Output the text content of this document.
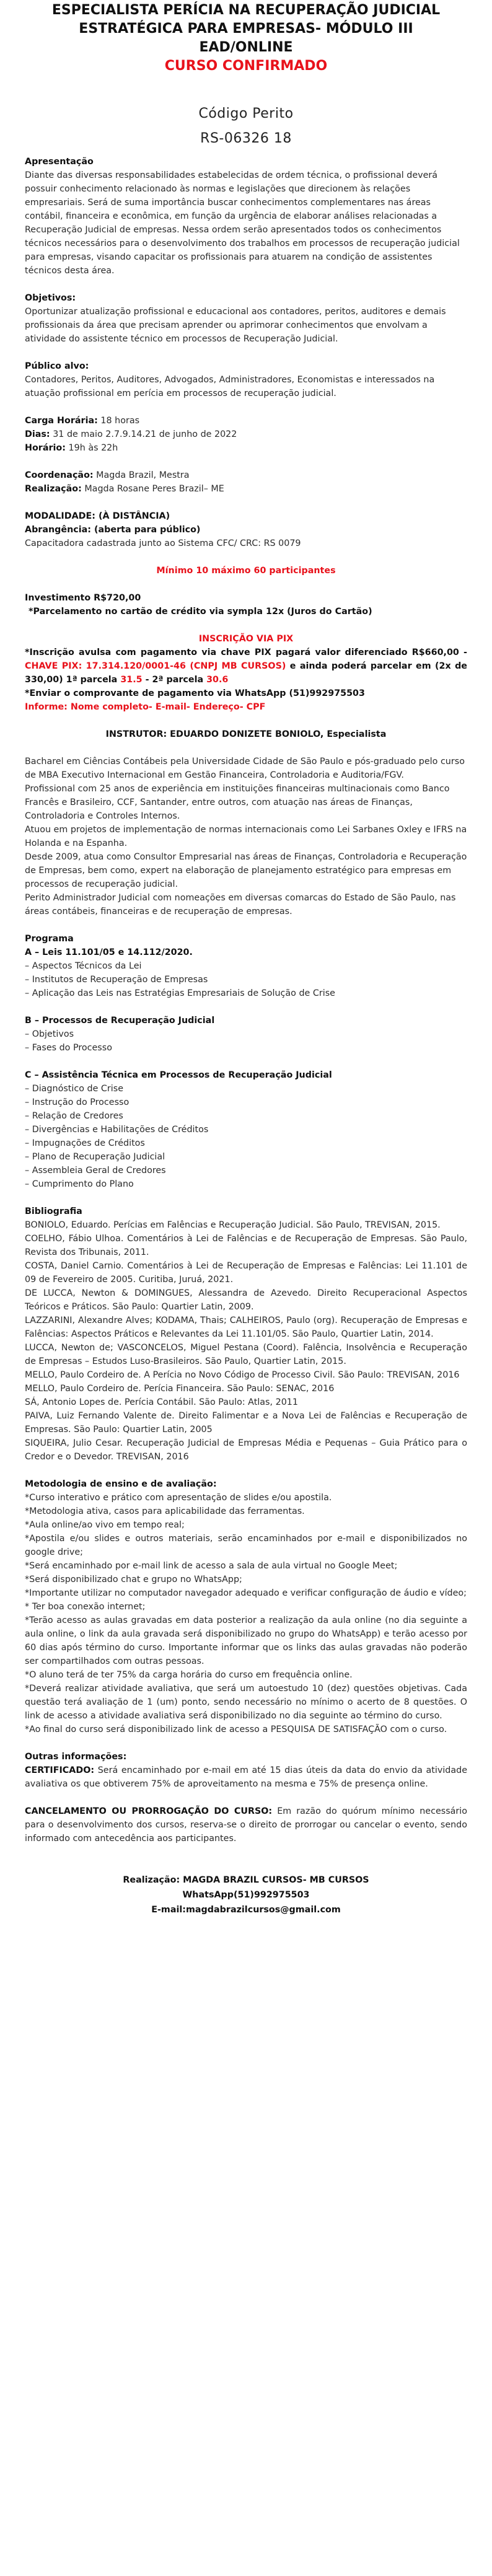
ESPECIALISTA PERÍCIA NA RECUPERAÇÃO JUDICIAL

ESTRATÉGICA PARA EMPRESAS- MÓDULO III

EAD/ONLINE

CURSO CONFIRMADO

Código Perito
RS-06326 18

Apresentação

Diante das diversas responsabilidades estabelecidas de ordem técnica, o profissional deverá possuir conhecimento relacionado às normas e legislações que direcionem às relações empresariais. Será de suma importância buscar conhecimentos complementares nas áreas contábil, financeira e econômica, em função da urgência de elaborar análises relacionadas a Recuperação Judicial de empresas. Nessa ordem serão apresentados todos os conhecimentos técnicos necessários para o desenvolvimento dos trabalhos em processos de recuperação judicial para empresas, visando capacitar os profissionais para atuarem na condição de assistentes técnicos desta área.

Objetivos:

Oportunizar atualização profissional e educacional aos contadores, peritos, auditores e demais profissionais da área que precisam aprender ou aprimorar conhecimentos que envolvam a atividade do assistente técnico em processos de Recuperação Judicial.

Público alvo:

Contadores, Peritos, Auditores, Advogados, Administradores, Economistas e interessados na atuação profissional em perícia em processos de recuperação judicial.

Carga Horária: 18 horas

Dias: 31 de maio 2.7.9.14.21 de junho de 2022

Horário: 19h às 22h

Coordenação: Magda Brazil, Mestra

Realização: Magda Rosane Peres Brazil– ME

MODALIDADE: (À DISTÂNCIA)

Abrangência: (aberta para público)

Capacitadora cadastrada junto ao Sistema CFC/ CRC: RS 0079

Mínimo 10 máximo 60 participantes

Investimento R$720,00

*Parcelamento no cartão de crédito via sympla 12x (Juros do Cartão)

INSCRIÇÃO VIA PIX

*Inscrição avulsa com pagamento via chave PIX pagará valor diferenciado R$660,00 - CHAVE PIX: 17.314.120/0001-46 (CNPJ MB CURSOS) e ainda poderá parcelar em (2x de 330,00) 1ª parcela 31.5 - 2ª parcela 30.6

*Enviar o comprovante de pagamento via WhatsApp (51)992975503

Informe: Nome completo- E-mail- Endereço- CPF

INSTRUTOR: EDUARDO DONIZETE BONIOLO, Especialista

Bacharel em Ciências Contábeis pela Universidade Cidade de São Paulo e pós-graduado pelo curso de MBA Executivo Internacional em Gestão Financeira, Controladoria e Auditoria/FGV.

Profissional com 25 anos de experiência em instituições financeiras multinacionais como Banco Francês e Brasileiro, CCF, Santander, entre outros, com atuação nas áreas de Finanças, Controladoria e Controles Internos.

Atuou em projetos de implementação de normas internacionais como Lei Sarbanes Oxley e IFRS na Holanda e na Espanha.

Desde 2009, atua como Consultor Empresarial nas áreas de Finanças, Controladoria e Recuperação de Empresas, bem como, expert na elaboração de planejamento estratégico para empresas em processos de recuperação judicial.

Perito Administrador Judicial com nomeações em diversas comarcas do Estado de São Paulo, nas áreas contábeis, financeiras e de recuperação de empresas.

Programa

A – Leis 11.101/05 e 14.112/2020.

– Aspectos Técnicos da Lei
– Institutos de Recuperação de Empresas
– Aplicação das Leis nas Estratégias Empresariais de Solução de Crise

B – Processos de Recuperação Judicial

– Objetivos
– Fases do Processo

C – Assistência Técnica em Processos de Recuperação Judicial

– Diagnóstico de Crise
– Instrução do Processo
– Relação de Credores
– Divergências e Habilitações de Créditos
– Impugnações de Créditos
– Plano de Recuperação Judicial
– Assembleia Geral de Credores
– Cumprimento do Plano

Bibliografia

BONIOLO, Eduardo. Perícias em Falências e Recuperação Judicial. São Paulo, TREVISAN, 2015.

COELHO, Fábio Ulhoa. Comentários à Lei de Falências e de Recuperação de Empresas. São Paulo, Revista dos Tribunais, 2011.

COSTA, Daniel Carnio. Comentários à Lei de Recuperação de Empresas e Falências: Lei 11.101 de 09 de Fevereiro de 2005. Curitiba, Juruá, 2021.

DE LUCCA, Newton & DOMINGUES, Alessandra de Azevedo. Direito Recuperacional Aspectos Teóricos e Práticos. São Paulo: Quartier Latin, 2009.

LAZZARINI, Alexandre Alves; KODAMA, Thais; CALHEIROS, Paulo (org). Recuperação de Empresas e Falências: Aspectos Práticos e Relevantes da Lei 11.101/05. São Paulo, Quartier Latin, 2014.

LUCCA, Newton de; VASCONCELOS, Miguel Pestana (Coord). Falência, Insolvência e Recuperação de Empresas – Estudos Luso-Brasileiros. São Paulo, Quartier Latin, 2015.

MELLO, Paulo Cordeiro de. A Perícia no Novo Código de Processo Civil. São Paulo: TREVISAN, 2016

MELLO, Paulo Cordeiro de. Perícia Financeira. São Paulo: SENAC, 2016

SÁ, Antonio Lopes de. Perícia Contábil. São Paulo: Atlas, 2011

PAIVA, Luiz Fernando Valente de. Direito Falimentar e a Nova Lei de Falências e Recuperação de Empresas. São Paulo: Quartier Latin, 2005

SIQUEIRA, Julio Cesar. Recuperação Judicial de Empresas Média e Pequenas – Guia Prático para o Credor e o Devedor. TREVISAN, 2016

Metodologia de ensino e de avaliação:

*Curso interativo e prático com apresentação de slides e/ou apostila.

*Metodologia ativa, casos para aplicabilidade das ferramentas.

*Aula online/ao vivo em tempo real;

*Apostila e/ou slides e outros materiais, serão encaminhados por e-mail e disponibilizados no google drive;

*Será encaminhado por e-mail link de acesso a sala de aula virtual no Google Meet;

*Será disponibilizado chat e grupo no WhatsApp;

*Importante utilizar no computador navegador adequado e verificar configuração de áudio e vídeo;

* Ter boa conexão internet;

*Terão acesso as aulas gravadas em data posterior a realização da aula online (no dia seguinte a aula online, o link da aula gravada será disponibilizado no grupo do WhatsApp) e terão acesso por 60 dias após término do curso. Importante informar que os links das aulas gravadas não poderão ser compartilhados com outras pessoas.

*O aluno terá de ter 75% da carga horária do curso em frequência online.

*Deverá realizar atividade avaliativa, que será um autoestudo 10 (dez) questões objetivas. Cada questão terá avaliação de 1 (um) ponto, sendo necessário no mínimo o acerto de 8 questões. O link de acesso a atividade avaliativa será disponibilizado no dia seguinte ao término do curso.

*Ao final do curso será disponibilizado link de acesso a PESQUISA DE SATISFAÇÃO com o curso.

Outras informações:

CERTIFICADO: Será encaminhado por e-mail em até 15 dias úteis da data do envio da atividade avaliativa os que obtiverem 75% de aproveitamento na mesma e 75% de presença online.

CANCELAMENTO OU PRORROGAÇÃO DO CURSO: Em razão do quórum mínimo necessário para o desenvolvimento dos cursos, reserva-se o direito de prorrogar ou cancelar o evento, sendo informado com antecedência aos participantes.

Realização: MAGDA BRAZIL CURSOS- MB CURSOS
WhatsApp(51)992975503
E-mail:magdabrazilcursos@gmail.com
